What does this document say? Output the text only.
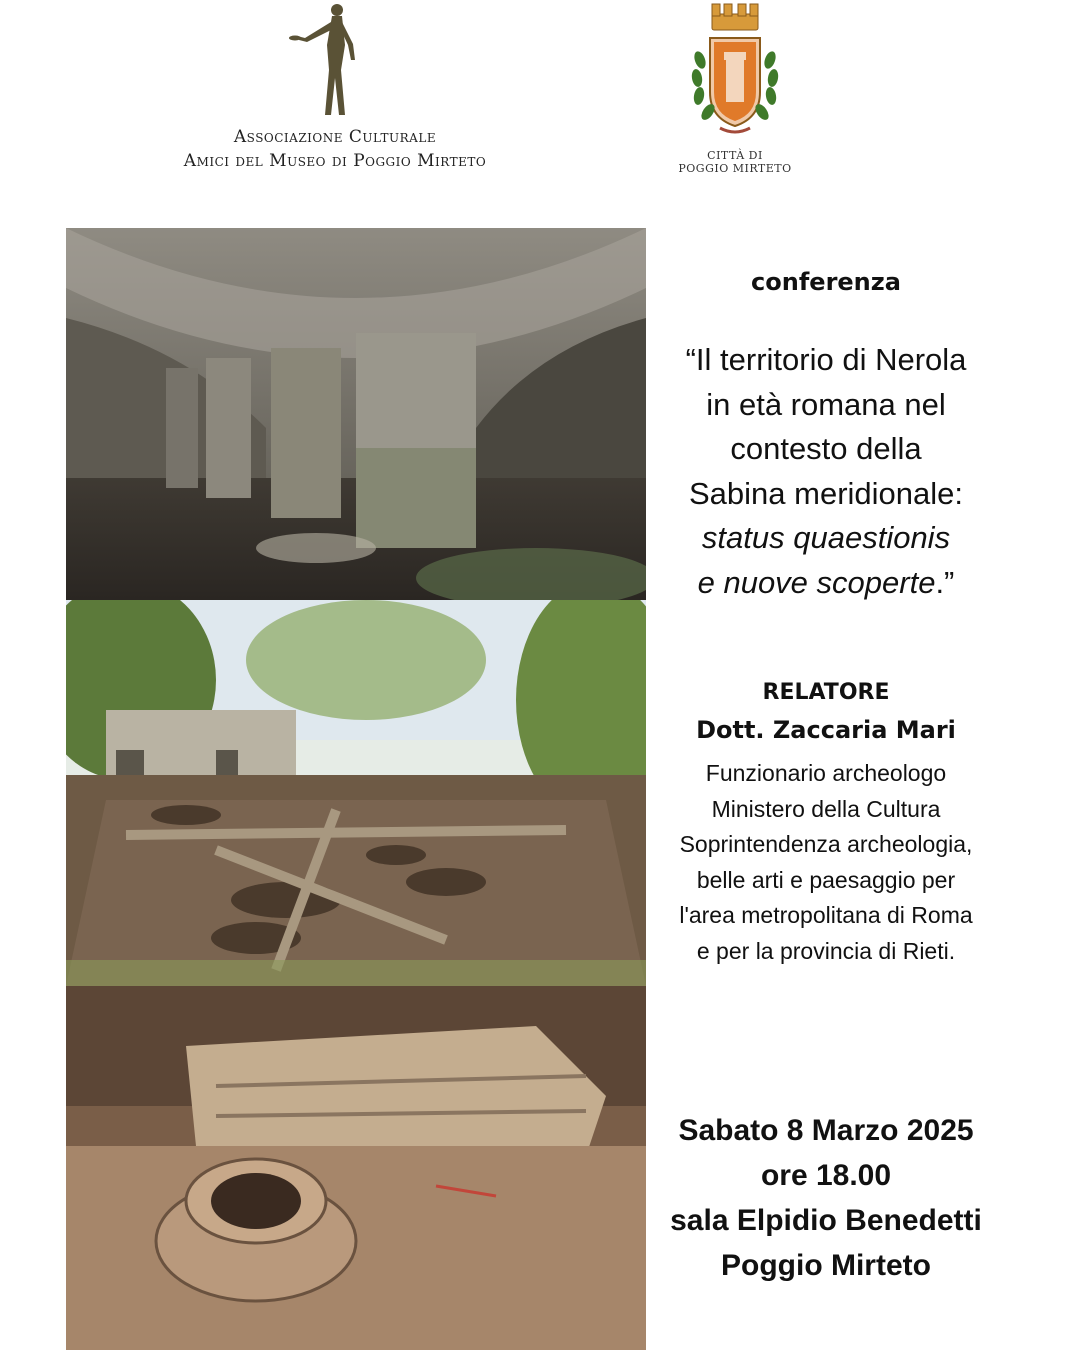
Associazione Culturale
Amici del Museo di Poggio Mirteto	CITTÀ DI
POGGIO MIRTETO
conferenza
“Il territorio di Nerola
in età romana nel
contesto della
Sabina meridionale:
status quaestionis
e nuove scoperte.”
RELATORE
Dott. Zaccaria Mari
Funzionario archeologo
Ministero della Cultura
Soprintendenza archeologia,
belle arti e paesaggio per
l'area metropolitana di Roma
e per la provincia di Rieti.
Sabato 8 Marzo 2025
ore 18.00
sala Elpidio Benedetti
Poggio Mirteto
